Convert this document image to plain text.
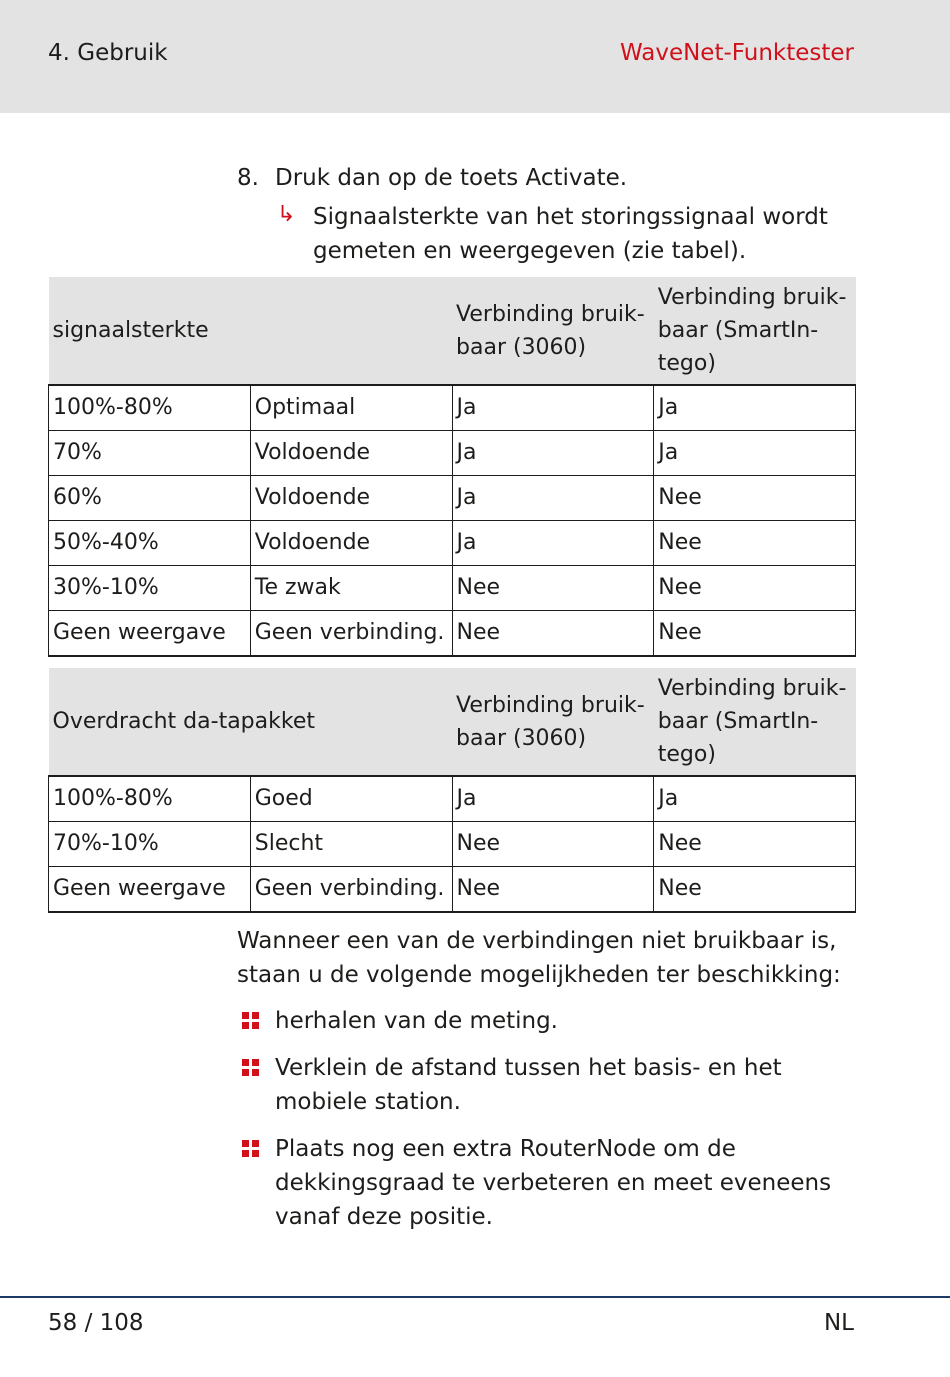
4. Gebruik	WaveNet-Funktester
8. Druk dan op de toets Activate.
↳ Signaalsterkte van het storingssignaal wordt gemeten en weergegeven (zie tabel).
signaalsterkte		Verbinding bruik-baar (3060)	Verbinding bruik-baar (SmartIn-tego)
100%-80%	Optimaal	Ja	Ja
70%	Voldoende	Ja	Ja
60%	Voldoende	Ja	Nee
50%-40%	Voldoende	Ja	Nee
30%-10%	Te zwak	Nee	Nee
Geen weergave	Geen verbinding.	Nee	Nee
Overdracht da-tapakket		Verbinding bruik-baar (3060)	Verbinding bruik-baar (SmartIn-tego)
100%-80%	Goed	Ja	Ja
70%-10%	Slecht	Nee	Nee
Geen weergave	Geen verbinding.	Nee	Nee
Wanneer een van de verbindingen niet bruikbaar is, staan u de volgende mogelijkheden ter beschikking:
herhalen van de meting.
Verklein de afstand tussen het basis- en het mobiele station.
Plaats nog een extra RouterNode om de dekkingsgraad te verbeteren en meet eveneens vanaf deze positie.
58 / 108	NL
